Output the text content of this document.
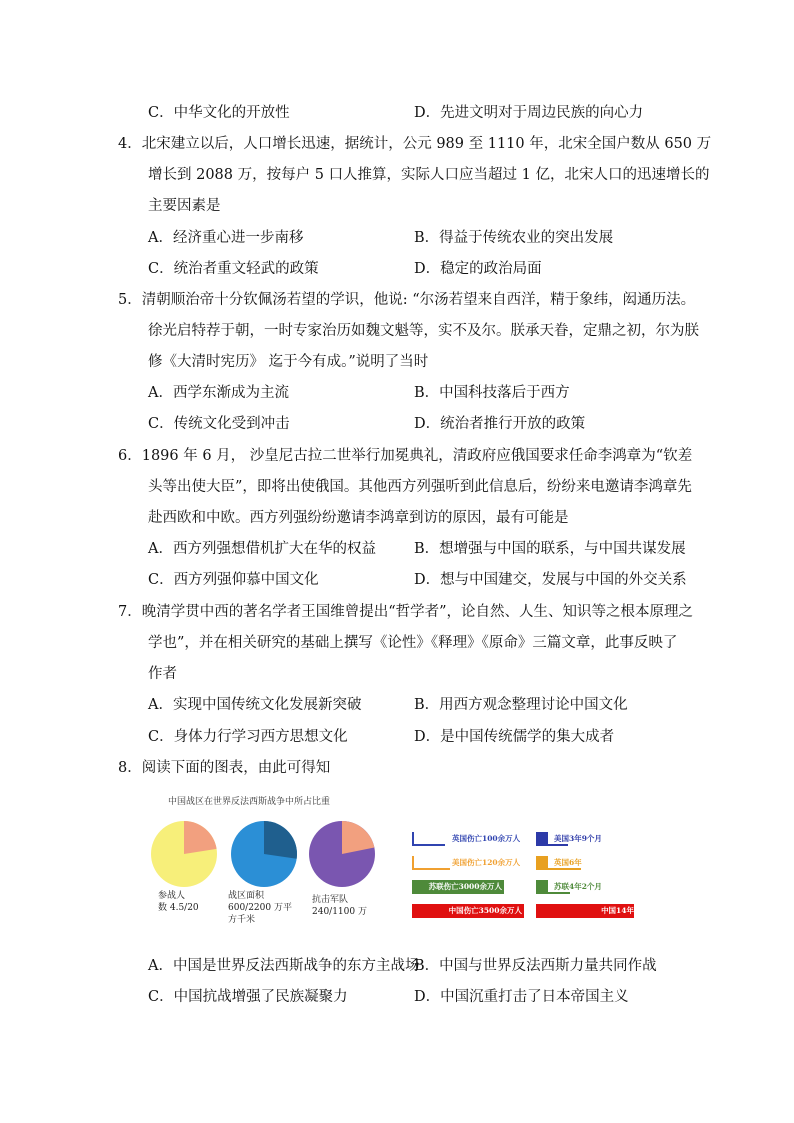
C．中华文化的开放性	D．先进文明对于周边民族的向心力
4．北宋建立以后，人口增长迅速，据统计，公元 989 至 1110 年，北宋全国户数从 650 万
增长到 2088 万，按每户 5 口人推算，实际人口应当超过 1 亿，北宋人口的迅速增长的
主要因素是
A．经济重心进一步南移	B．得益于传统农业的突出发展
C．统治者重文轻武的政策	D．稳定的政治局面
5．清朝顺治帝十分钦佩汤若望的学识，他说: “尔汤若望来自西洋，精于象纬，闳通历法。
徐光启特荐于朝，一时专家治历如魏文魁等，实不及尔。朕承天眷，定鼎之初，尔为朕
修《大清时宪历》 迄于今有成。”说明了当时
A．西学东渐成为主流	B．中国科技落后于西方
C．传统文化受到冲击	D．统治者推行开放的政策
6．1896 年 6 月， 沙皇尼古拉二世举行加冕典礼，清政府应俄国要求任命李鸿章为“钦差
头等出使大臣”，即将出使俄国。其他西方列强听到此信息后，纷纷来电邀请李鸿章先
赴西欧和中欧。西方列强纷纷邀请李鸿章到访的原因，最有可能是
A．西方列强想借机扩大在华的权益	B．想增强与中国的联系，与中国共谋发展
C．西方列强仰慕中国文化	D．想与中国建交，发展与中国的外交关系
7．晚清学贯中西的著名学者王国维曾提出“哲学者”，论自然、人生、知识等之根本原理之
学也”，并在相关研究的基础上撰写《论性》《释理》《原命》三篇文章，此事反映了
作者
A．实现中国传统文化发展新突破	B．用西方观念整理讨论中国文化
C．身体力行学习西方思想文化	D．是中国传统儒学的集大成者
8．阅读下面的图表，由此可得知
中国战区在世界反法西斯战争中所占比重
参战人
数 4.5/20
战区面积
600/2200 万平
方千米
抗击军队
240/1100 万
英国伤亡100余万人
美国伤亡120余万人
苏联伤亡3000余万人
中国伤亡3500余万人
美国3年9个月
英国6年
苏联4年2个月
中国14年
A．中国是世界反法西斯战争的东方主战场
B．中国与世界反法西斯力量共同作战
C．中国抗战增强了民族凝聚力	D．中国沉重打击了日本帝国主义
